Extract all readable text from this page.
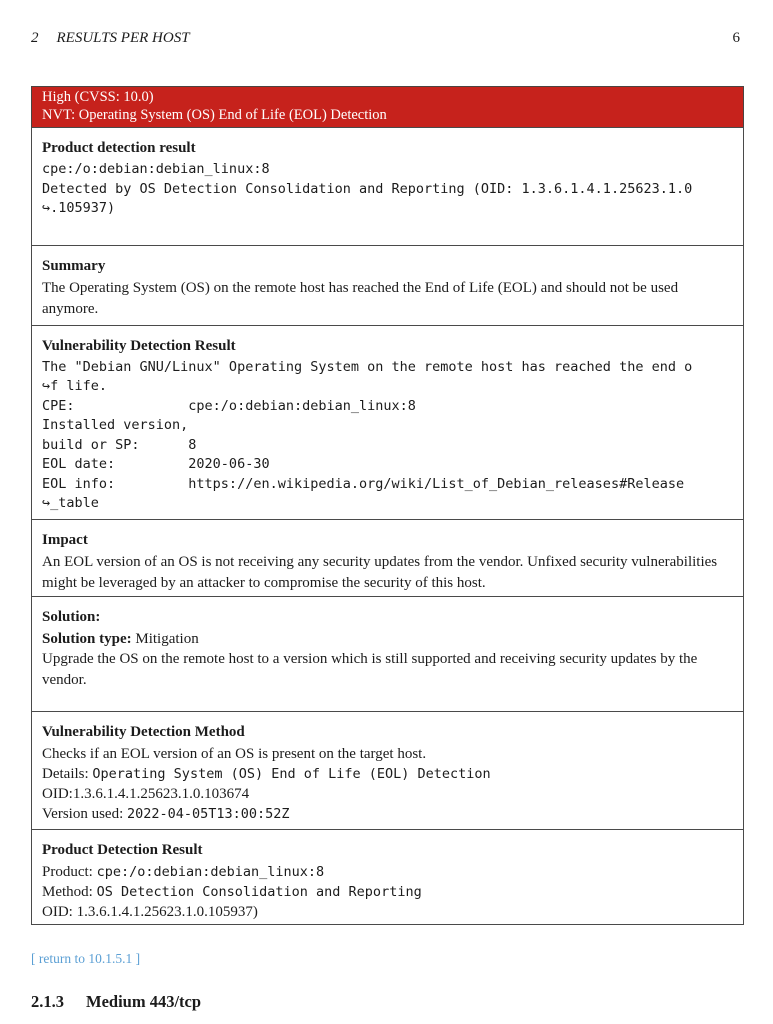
2 RESULTS PER HOST	6
High (CVSS: 10.0)
NVT: Operating System (OS) End of Life (EOL) Detection
Product detection result
cpe:/o:debian:debian_linux:8
Detected by OS Detection Consolidation and Reporting (OID: 1.3.6.1.4.1.25623.1.0
↪.105937)
Summary
The Operating System (OS) on the remote host has reached the End of Life (EOL) and should not be used anymore.
Vulnerability Detection Result
The "Debian GNU/Linux" Operating System on the remote host has reached the end o
↪f life.
CPE:              cpe:/o:debian:debian_linux:8
Installed version,
build or SP:      8
EOL date:         2020-06-30
EOL info:         https://en.wikipedia.org/wiki/List_of_Debian_releases#Release
↪_table
Impact
An EOL version of an OS is not receiving any security updates from the vendor. Unfixed security vulnerabilities might be leveraged by an attacker to compromise the security of this host.
Solution:
Solution type: Mitigation
Upgrade the OS on the remote host to a version which is still supported and receiving security updates by the vendor.
Vulnerability Detection Method
Checks if an EOL version of an OS is present on the target host.
Details: Operating System (OS) End of Life (EOL) Detection
OID:1.3.6.1.4.1.25623.1.0.103674
Version used: 2022-04-05T13:00:52Z
Product Detection Result
Product: cpe:/o:debian:debian_linux:8
Method: OS Detection Consolidation and Reporting
OID: 1.3.6.1.4.1.25623.1.0.105937)
[ return to 10.1.5.1 ]
2.1.3 Medium 443/tcp
